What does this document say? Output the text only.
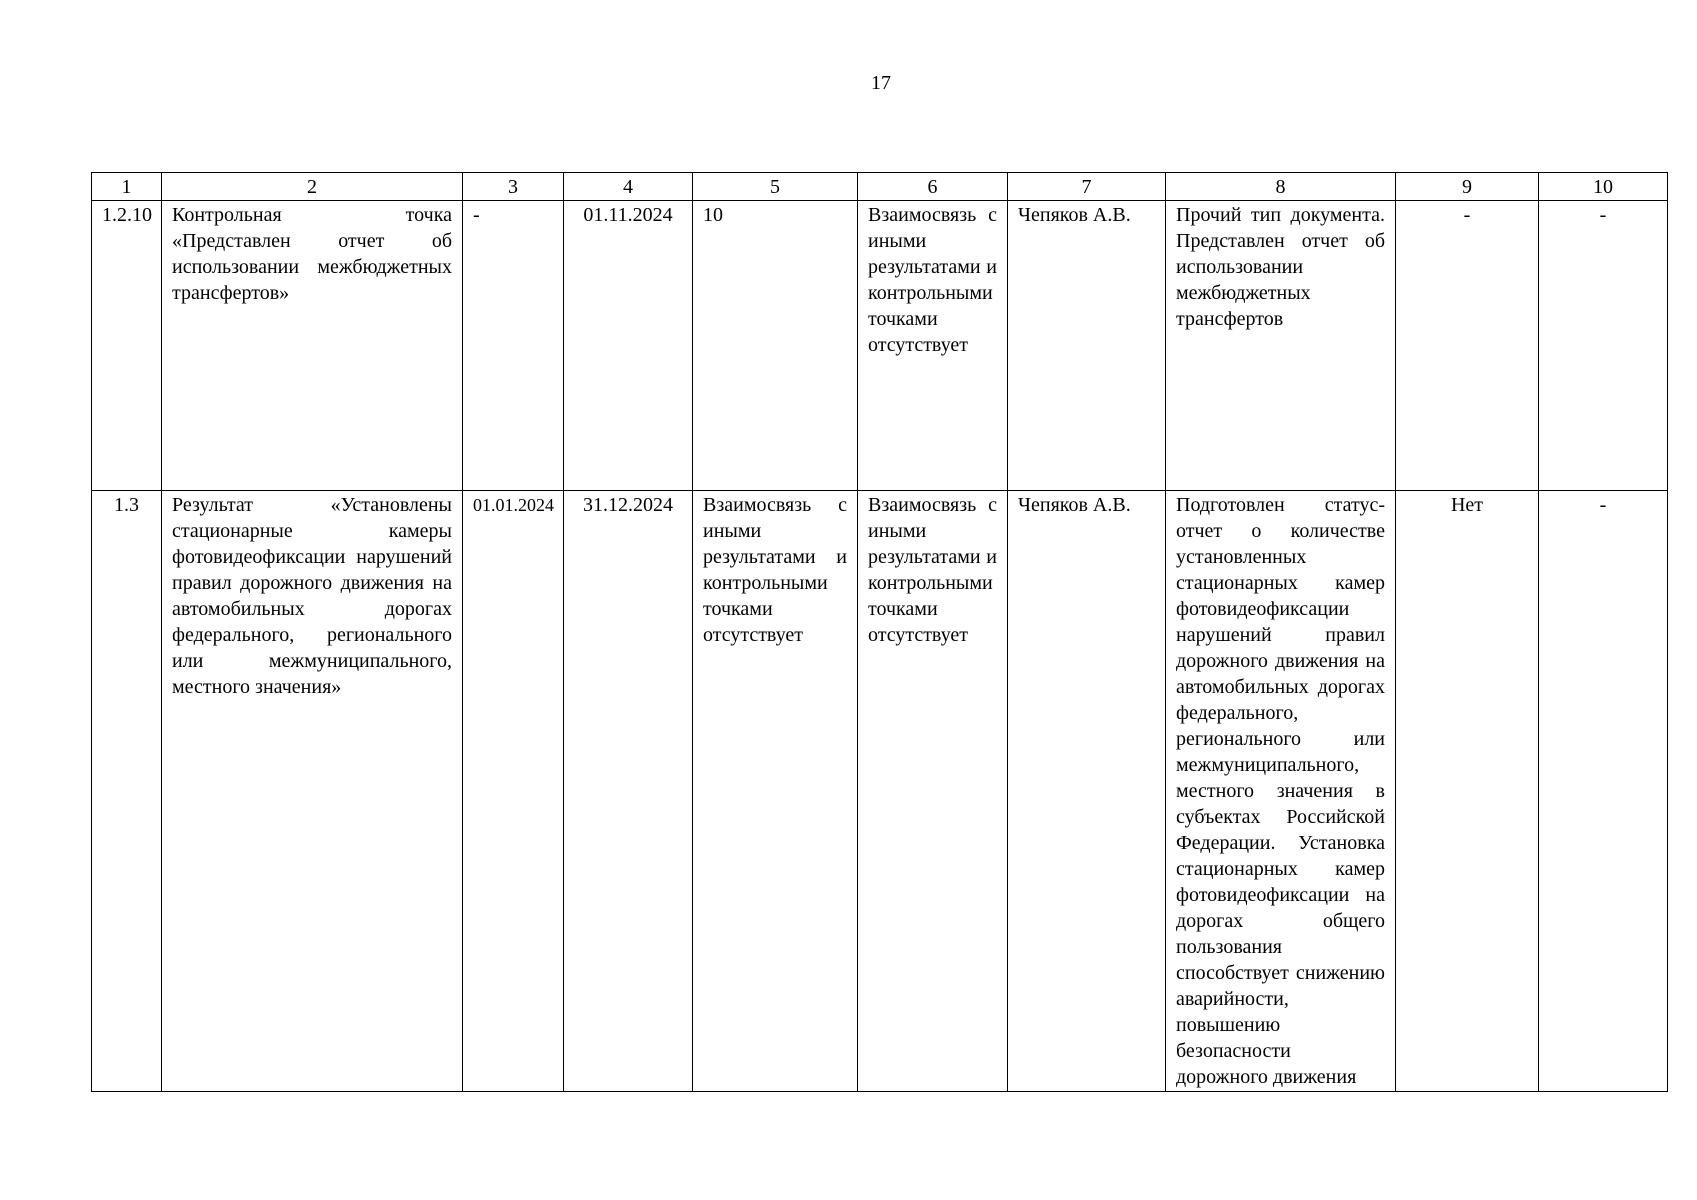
17
1	2	3	4	5	6	7	8	9	10
1.2.10	Контрольная точка «Представлен отчет об использовании межбюджетных трансфертов»	-	01.11.2024	10	Взаимосвязь с иными результатами и контрольными точками отсутствует	Чепяков А.В.	Прочий тип документа. Представлен отчет об использовании межбюджетных трансфертов	-	-
1.3	Результат «Установлены стационарные камеры фотовидеофиксации нарушений правил дорожного движения на автомобильных дорогах федерального, регионального или межмуниципального, местного значения»	01.01.2024	31.12.2024	Взаимосвязь с иными результатами и контрольными точками отсутствует	Взаимосвязь с иными результатами и контрольными точками отсутствует	Чепяков А.В.	Подготовлен статус-отчет о количестве установленных стационарных камер фотовидеофиксации нарушений правил дорожного движения на автомобильных дорогах федерального, регионального или межмуниципального, местного значения в субъектах Российской Федерации. Установка стационарных камер фотовидеофиксации на дорогах общего пользования способствует снижению аварийности, повышению безопасности дорожного движения	Нет	-
